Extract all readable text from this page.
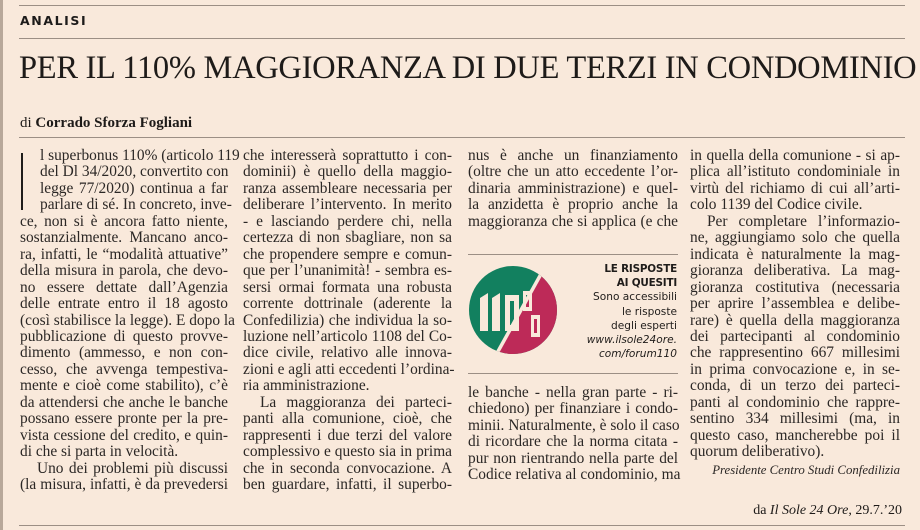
ANALISI
PER IL 110% MAGGIORANZA DI DUE TERZI IN CONDOMINIO
di Corrado Sforza Fogliani
l superbonus 110% (articolo 119
del Dl 34/2020, convertito con
legge 77/2020) continua a far
parlare di sé. In concreto, inve-
ce, non si è ancora fatto niente,
sostanzialmente. Mancano anco-
ra, infatti, le “modalità attuative”
della misura in parola, che devo-
no essere dettate dall’Agenzia
delle entrate entro il 18 agosto
(così stabilisce la legge). E dopo la
pubblicazione di questo provve-
dimento (ammesso, e non con-
cesso, che avvenga tempestiva-
mente e cioè come stabilito), c’è
da attendersi che anche le banche
possano essere pronte per la pre-
vista cessione del credito, e quin-
di che si parta in velocità.
Uno dei problemi più discussi
(la misura, infatti, è da prevedersi
che interesserà soprattutto i con-
dominii) è quello della maggio-
ranza assembleare necessaria per
deliberare l’intervento. In merito
- e lasciando perdere chi, nella
certezza di non sbagliare, non sa
che propendere sempre e comun-
que per l’unanimità! - sembra es-
sersi ormai formata una robusta
corrente dottrinale (aderente la
Confedilizia) che individua la so-
luzione nell’articolo 1108 del Co-
dice civile, relativo alle innova-
zioni e agli atti eccedenti l’ordina-
ria amministrazione.
La maggioranza dei parteci-
panti alla comunione, cioè, che
rappresenti i due terzi del valore
complessivo e questo sia in prima
che in seconda convocazione. A
ben guardare, infatti, il superbo-
nus è anche un finanziamento
(oltre che un atto eccedente l’or-
dinaria amministrazione) e quel-
la anzidetta è proprio anche la
maggioranza che si applica (e che
LE RISPOSTE
AI QUESITI
Sono accessibili
le risposte
degli esperti
www.ilsole24ore.
com/forum110
le banche - nella gran parte - ri-
chiedono) per finanziare i condo-
minii. Naturalmente, è solo il caso
di ricordare che la norma citata -
pur non rientrando nella parte del
Codice relativa al condominio, ma
in quella della comunione - si ap-
plica all’istituto condominiale in
virtù del richiamo di cui all’arti-
colo 1139 del Codice civile.
Per completare l’informazio-
ne, aggiungiamo solo che quella
indicata è naturalmente la mag-
gioranza deliberativa. La mag-
gioranza costitutiva (necessaria
per aprire l’assemblea e delibe-
rare) è quella della maggioranza
dei partecipanti al condominio
che rappresentino 667 millesimi
in prima convocazione e, in se-
conda, di un terzo dei parteci-
panti al condominio che rappre-
sentino 334 millesimi (ma, in
questo caso, mancherebbe poi il
quorum deliberativo).
Presidente Centro Studi Confedilizia
da Il Sole 24 Ore, 29.7.’20
